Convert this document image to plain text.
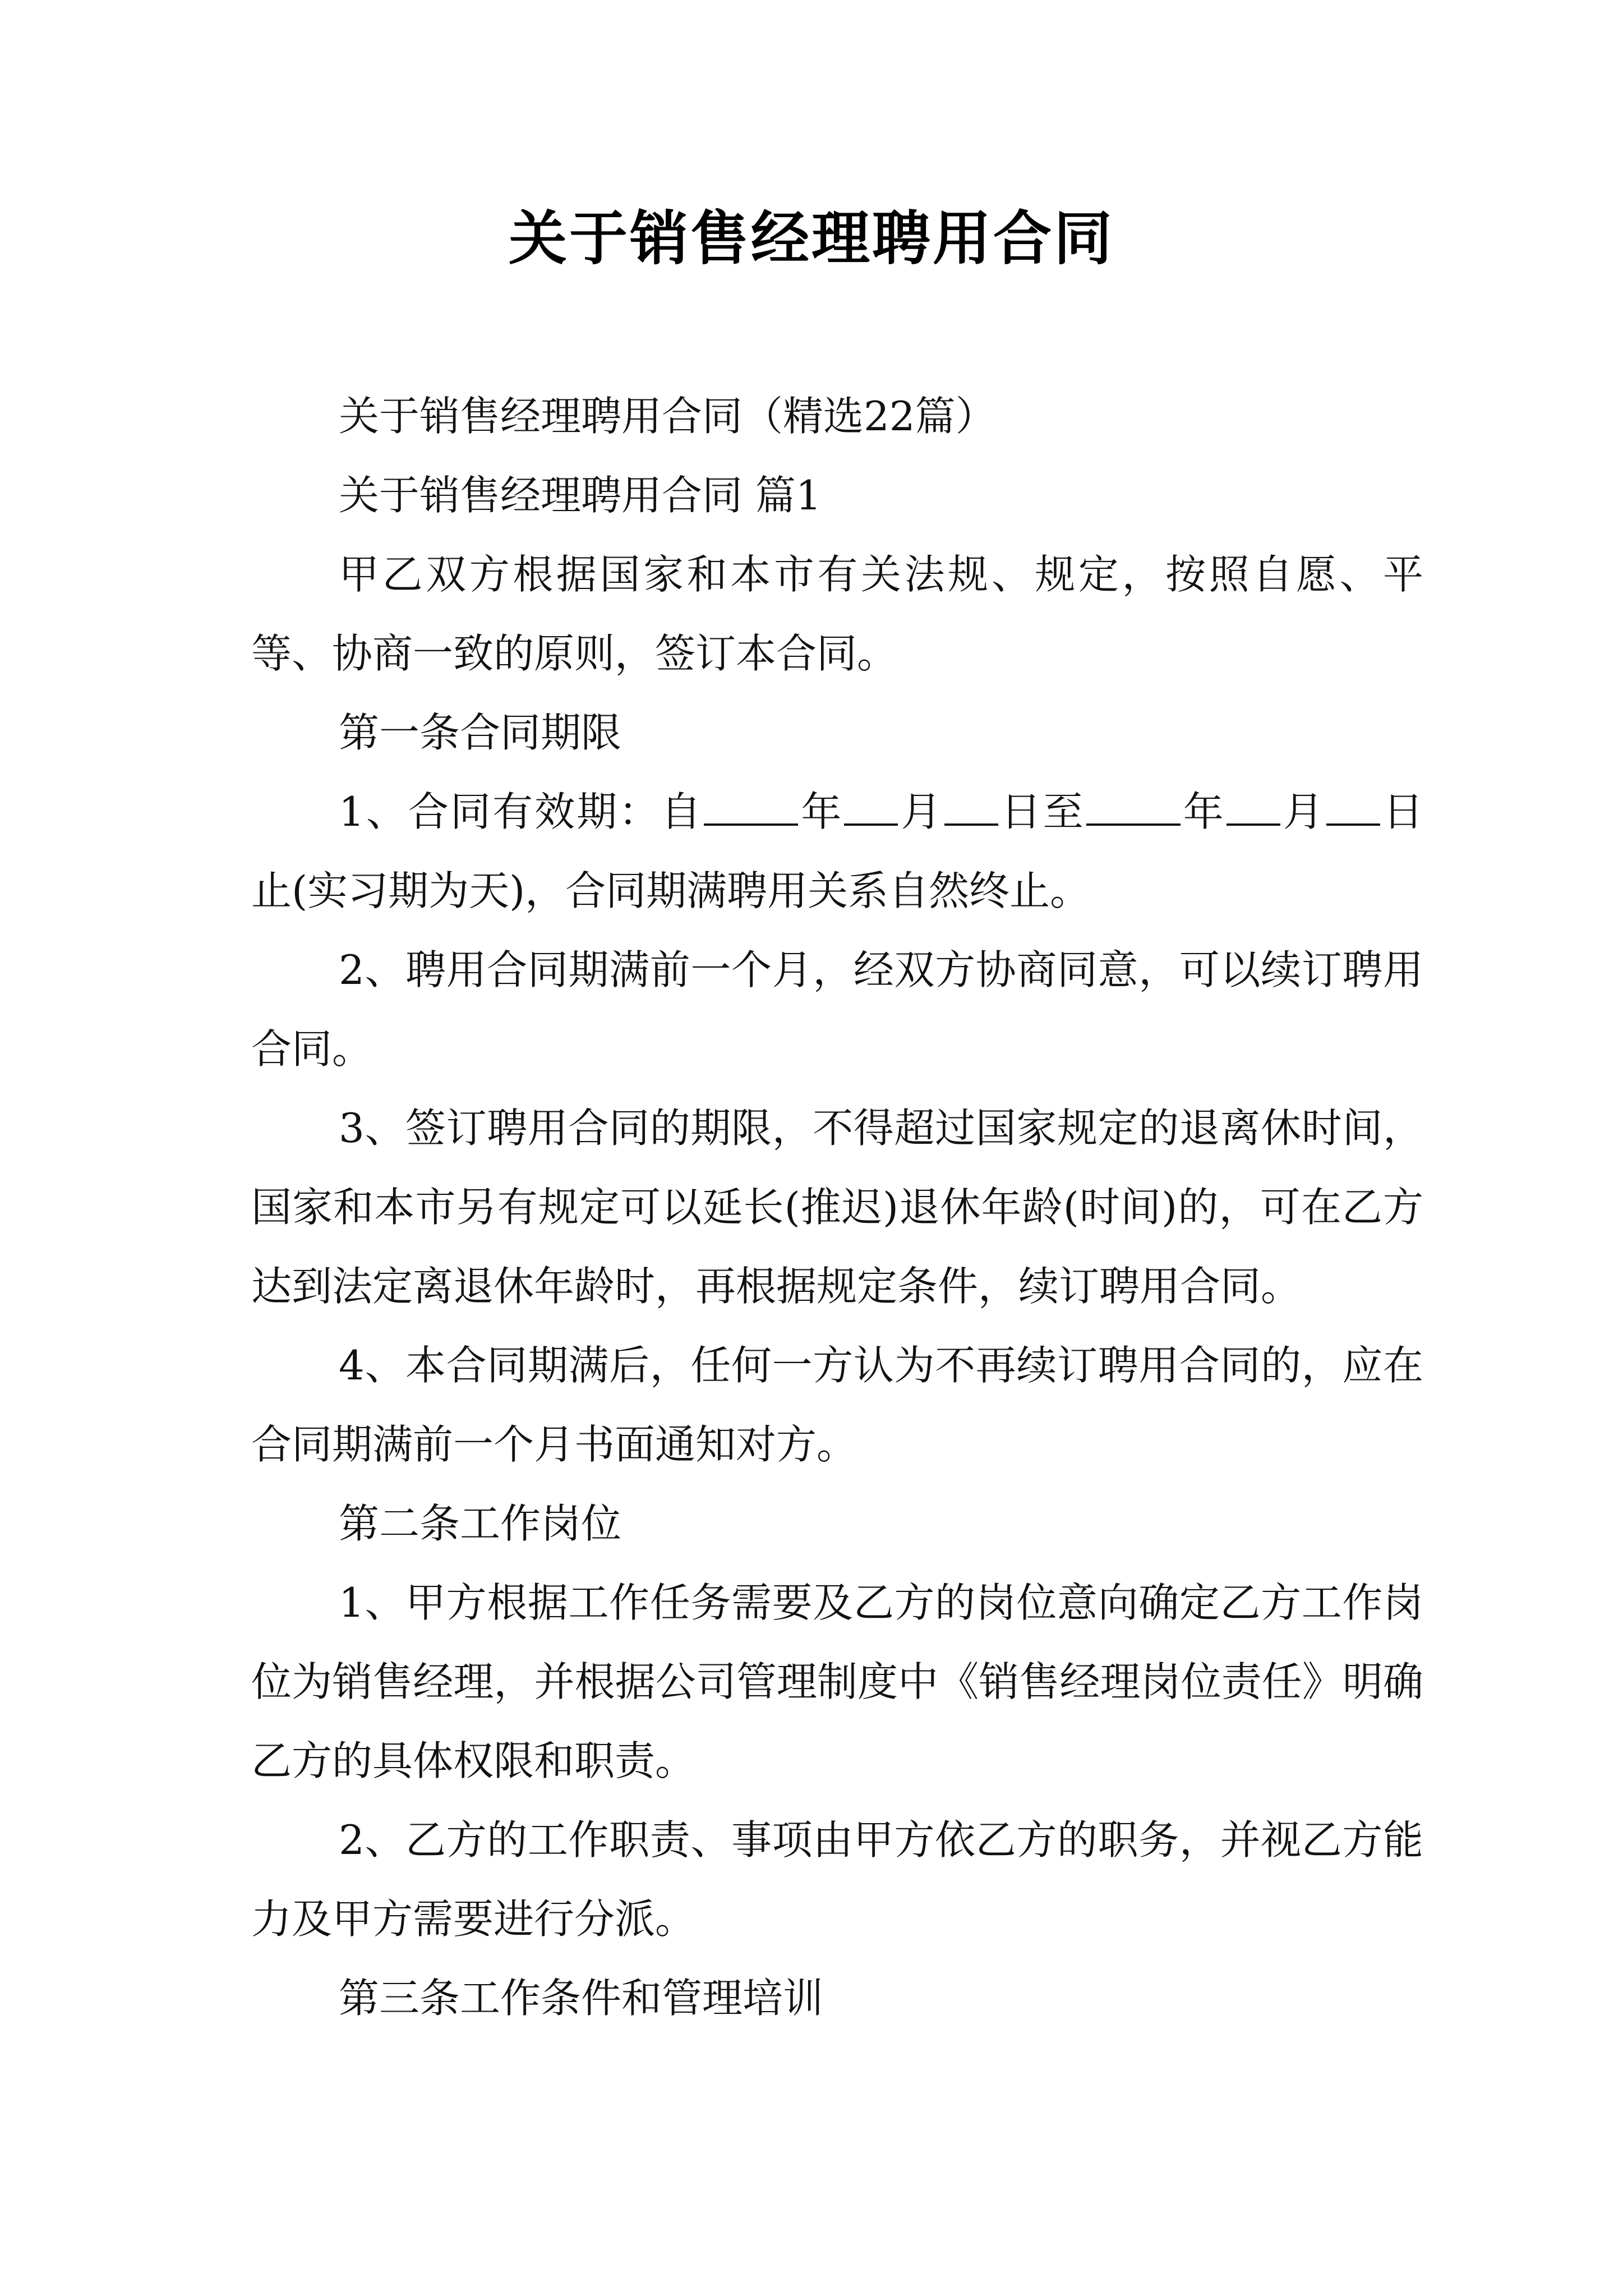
关于销售经理聘用合同

关于销售经理聘用合同（精选22篇）

关于销售经理聘用合同 篇1

甲乙双方根据国家和本市有关法规、规定，按照自愿、平等、协商一致的原则，签订本合同。

第一条合同期限

1、合同有效期：自 年 月 日至 年 月 日止(实习期为天)，合同期满聘用关系自然终止。

2、聘用合同期满前一个月，经双方协商同意，可以续订聘用合同。

3、签订聘用合同的期限，不得超过国家规定的退离休时间，国家和本市另有规定可以延长(推迟)退休年龄(时间)的，可在乙方达到法定离退休年龄时，再根据规定条件，续订聘用合同。

4、本合同期满后，任何一方认为不再续订聘用合同的，应在合同期满前一个月书面通知对方。

第二条工作岗位

1、甲方根据工作任务需要及乙方的岗位意向确定乙方工作岗位为销售经理，并根据公司管理制度中《销售经理岗位责任》明确乙方的具体权限和职责。

2、乙方的工作职责、事项由甲方依乙方的职务，并视乙方能力及甲方需要进行分派。

第三条工作条件和管理培训
